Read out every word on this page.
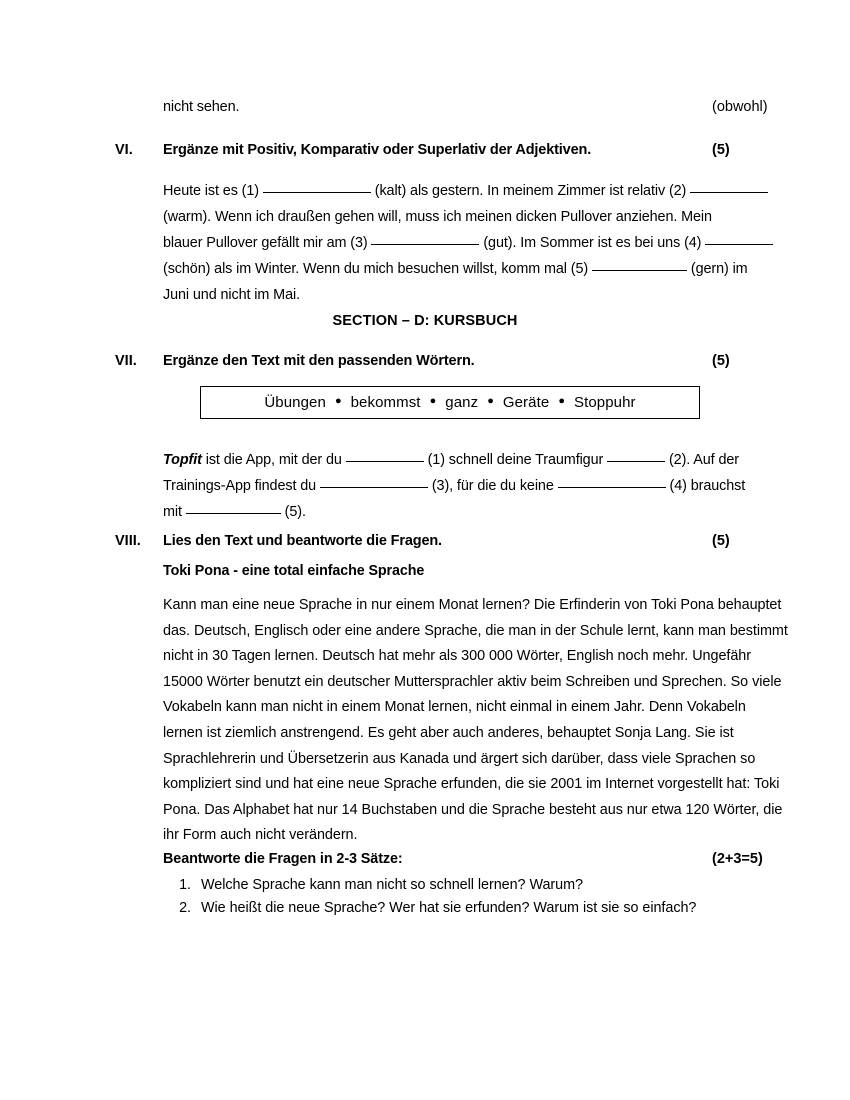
nicht sehen.	(obwohl)
VI.	Ergänze mit Positiv, Komparativ oder Superlativ der Adjektiven.	(5)
Heute ist es (1)	(kalt) als gestern. In meinem Zimmer ist relativ (2)
(warm). Wenn ich draußen gehen will, muss ich meinen dicken Pullover anziehen. Mein
blauer Pullover gefällt mir am (3)	(gut). Im Sommer ist es bei uns (4)
(schön) als im Winter. Wenn du mich besuchen willst, komm mal (5)	(gern) im
Juni und nicht im Mai.
SECTION – D: KURSBUCH
VII.	Ergänze den Text mit den passenden Wörtern.	(5)
Übungen ● bekommst ● ganz ● Geräte ● Stoppuhr
Topfit ist die App, mit der du	(1) schnell deine Traumfigur	(2). Auf der
Trainings-App findest du	(3), für die du keine	(4) brauchst
mit	(5).
VIII.	Lies den Text und beantworte die Fragen.	(5)
Toki Pona - eine total einfache Sprache
Kann man eine neue Sprache in nur einem Monat lernen? Die Erfinderin von Toki Pona behauptet das. Deutsch, Englisch oder eine andere Sprache, die man in der Schule lernt, kann man bestimmt nicht in 30 Tagen lernen. Deutsch hat mehr als 300 000 Wörter, English noch mehr. Ungefähr 15000 Wörter benutzt ein deutscher Muttersprachler aktiv beim Schreiben und Sprechen. So viele Vokabeln kann man nicht in einem Monat lernen, nicht einmal in einem Jahr. Denn Vokabeln lernen ist ziemlich anstrengend. Es geht aber auch anderes, behauptet Sonja Lang. Sie ist Sprachlehrerin und Übersetzerin aus Kanada und ärgert sich darüber, dass viele Sprachen so kompliziert sind und hat eine neue Sprache erfunden, die sie 2001 im Internet vorgestellt hat: Toki Pona. Das Alphabet hat nur 14 Buchstaben und die Sprache besteht aus nur etwa 120 Wörter, die ihr Form auch nicht verändern.
Beantworte die Fragen in 2-3 Sätze:	(2+3=5)
1. Welche Sprache kann man nicht so schnell lernen? Warum?
2. Wie heißt die neue Sprache? Wer hat sie erfunden? Warum ist sie so einfach?
